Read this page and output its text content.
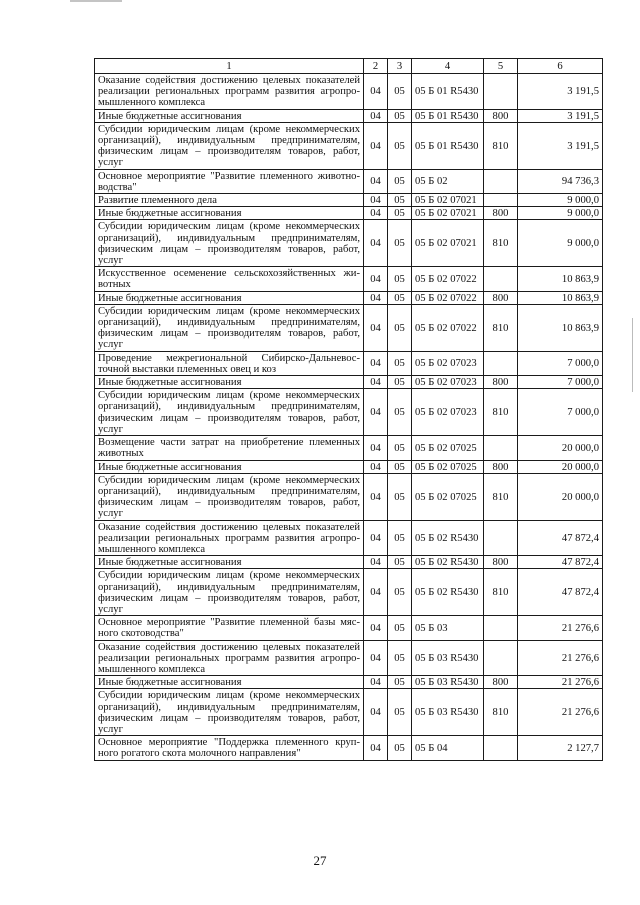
1	2	3	4	5	6
Оказание содействия достижению целевых показателей реализации региональных программ развития агропро-мышленного комплекса	04	05	05 Б 01 R5430		3 191,5
Иные бюджетные ассигнования	04	05	05 Б 01 R5430	800	3 191,5
Субсидии юридическим лицам (кроме некоммерческих организаций), индивидуальным предпринимателям, физическим лицам – производителям товаров, работ, услуг	04	05	05 Б 01 R5430	810	3 191,5
Основное мероприятие "Развитие племенного животно-водства"	04	05	05 Б 02		94 736,3
Развитие племенного дела	04	05	05 Б 02 07021		9 000,0
Иные бюджетные ассигнования	04	05	05 Б 02 07021	800	9 000,0
Субсидии юридическим лицам (кроме некоммерческих организаций), индивидуальным предпринимателям, физическим лицам – производителям товаров, работ, услуг	04	05	05 Б 02 07021	810	9 000,0
Искусственное осеменение сельскохозяйственных жи-вотных	04	05	05 Б 02 07022		10 863,9
Иные бюджетные ассигнования	04	05	05 Б 02 07022	800	10 863,9
Субсидии юридическим лицам (кроме некоммерческих организаций), индивидуальным предпринимателям, физическим лицам – производителям товаров, работ, услуг	04	05	05 Б 02 07022	810	10 863,9
Проведение межрегиональной Сибирско-Дальневос-точной выставки племенных овец и коз	04	05	05 Б 02 07023		7 000,0
Иные бюджетные ассигнования	04	05	05 Б 02 07023	800	7 000,0
Субсидии юридическим лицам (кроме некоммерческих организаций), индивидуальным предпринимателям, физическим лицам – производителям товаров, работ, услуг	04	05	05 Б 02 07023	810	7 000,0
Возмещение части затрат на приобретение племенных животных	04	05	05 Б 02 07025		20 000,0
Иные бюджетные ассигнования	04	05	05 Б 02 07025	800	20 000,0
Субсидии юридическим лицам (кроме некоммерческих организаций), индивидуальным предпринимателям, физическим лицам – производителям товаров, работ, услуг	04	05	05 Б 02 07025	810	20 000,0
Оказание содействия достижению целевых показателей реализации региональных программ развития агропро-мышленного комплекса	04	05	05 Б 02 R5430		47 872,4
Иные бюджетные ассигнования	04	05	05 Б 02 R5430	800	47 872,4
Субсидии юридическим лицам (кроме некоммерческих организаций), индивидуальным предпринимателям, физическим лицам – производителям товаров, работ, услуг	04	05	05 Б 02 R5430	810	47 872,4
Основное мероприятие "Развитие племенной базы мяс-ного скотоводства"	04	05	05 Б 03		21 276,6
Оказание содействия достижению целевых показателей реализации региональных программ развития агропро-мышленного комплекса	04	05	05 Б 03 R5430		21 276,6
Иные бюджетные ассигнования	04	05	05 Б 03 R5430	800	21 276,6
Субсидии юридическим лицам (кроме некоммерческих организаций), индивидуальным предпринимателям, физическим лицам – производителям товаров, работ, услуг	04	05	05 Б 03 R5430	810	21 276,6
Основное мероприятие "Поддержка племенного круп-ного рогатого скота молочного направления"	04	05	05 Б 04		2 127,7
27
